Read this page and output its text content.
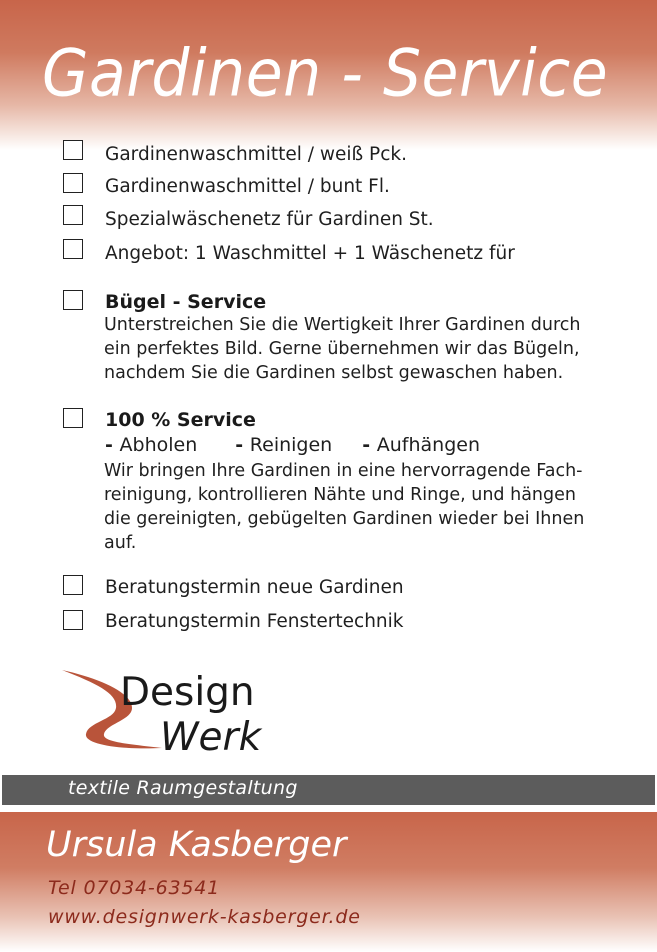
Gardinen - Service
Gardinenwaschmittel / weiß Pck.
Gardinenwaschmittel / bunt Fl.
Spezialwäschenetz für Gardinen St.
Angebot: 1 Waschmittel + 1 Wäschenetz für
Bügel - Service
Unterstreichen Sie die Wertigkeit Ihrer Gardinen durch
ein perfektes Bild. Gerne übernehmen wir das Bügeln,
nachdem Sie die Gardinen selbst gewaschen haben.
100 % Service
- Abholen - Reinigen - Aufhängen
Wir bringen Ihre Gardinen in eine hervorragende Fach-
reinigung, kontrollieren Nähte und Ringe, und hängen
die gereinigten, gebügelten Gardinen wieder bei Ihnen
auf.
Beratungstermin neue Gardinen
Beratungstermin Fenstertechnik
Design
Werk
textile Raumgestaltung
Ursula Kasberger
Tel 07034-63541
www.designwerk-kasberger.de
